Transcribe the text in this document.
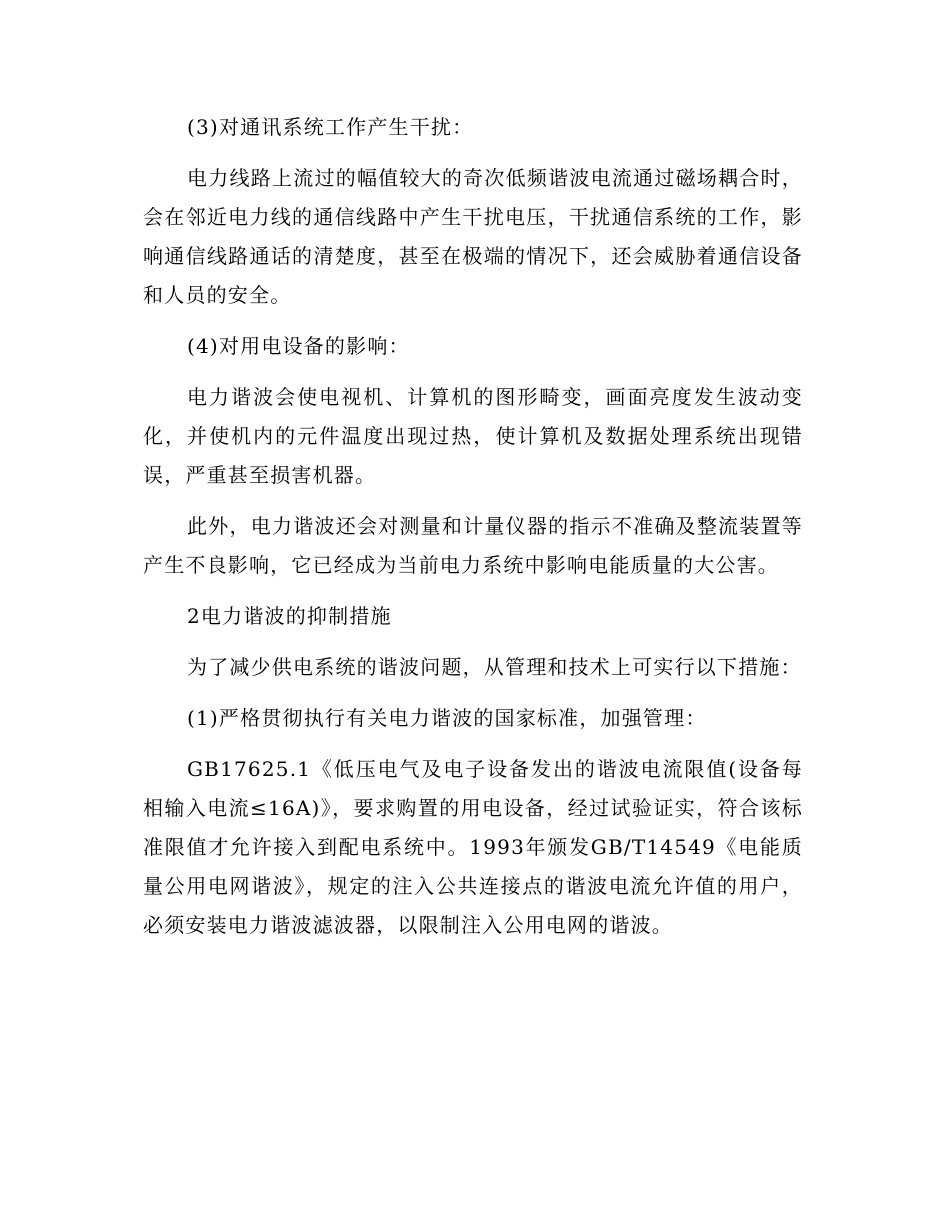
(3)对通讯系统工作产生干扰：

电力线路上流过的幅值较大的奇次低频谐波电流通过磁场耦合时，会在邻近电力线的通信线路中产生干扰电压，干扰通信系统的工作，影响通信线路通话的清楚度，甚至在极端的情况下，还会威胁着通信设备和人员的安全。

(4)对用电设备的影响：

电力谐波会使电视机、计算机的图形畸变，画面亮度发生波动变化，并使机内的元件温度出现过热，使计算机及数据处理系统出现错误，严重甚至损害机器。

此外，电力谐波还会对测量和计量仪器的指示不准确及整流装置等产生不良影响，它已经成为当前电力系统中影响电能质量的大公害。

2电力谐波的抑制措施

为了减少供电系统的谐波问题，从管理和技术上可实行以下措施：

(1)严格贯彻执行有关电力谐波的国家标准，加强管理：

GB17625.1《低压电气及电子设备发出的谐波电流限值(设备每相输入电流≤16A)》，要求购置的用电设备，经过试验证实，符合该标准限值才允许接入到配电系统中。1993年颁发GB/T14549《电能质量公用电网谐波》，规定的注入公共连接点的谐波电流允许值的用户，必须安装电力谐波滤波器，以限制注入公用电网的谐波。
